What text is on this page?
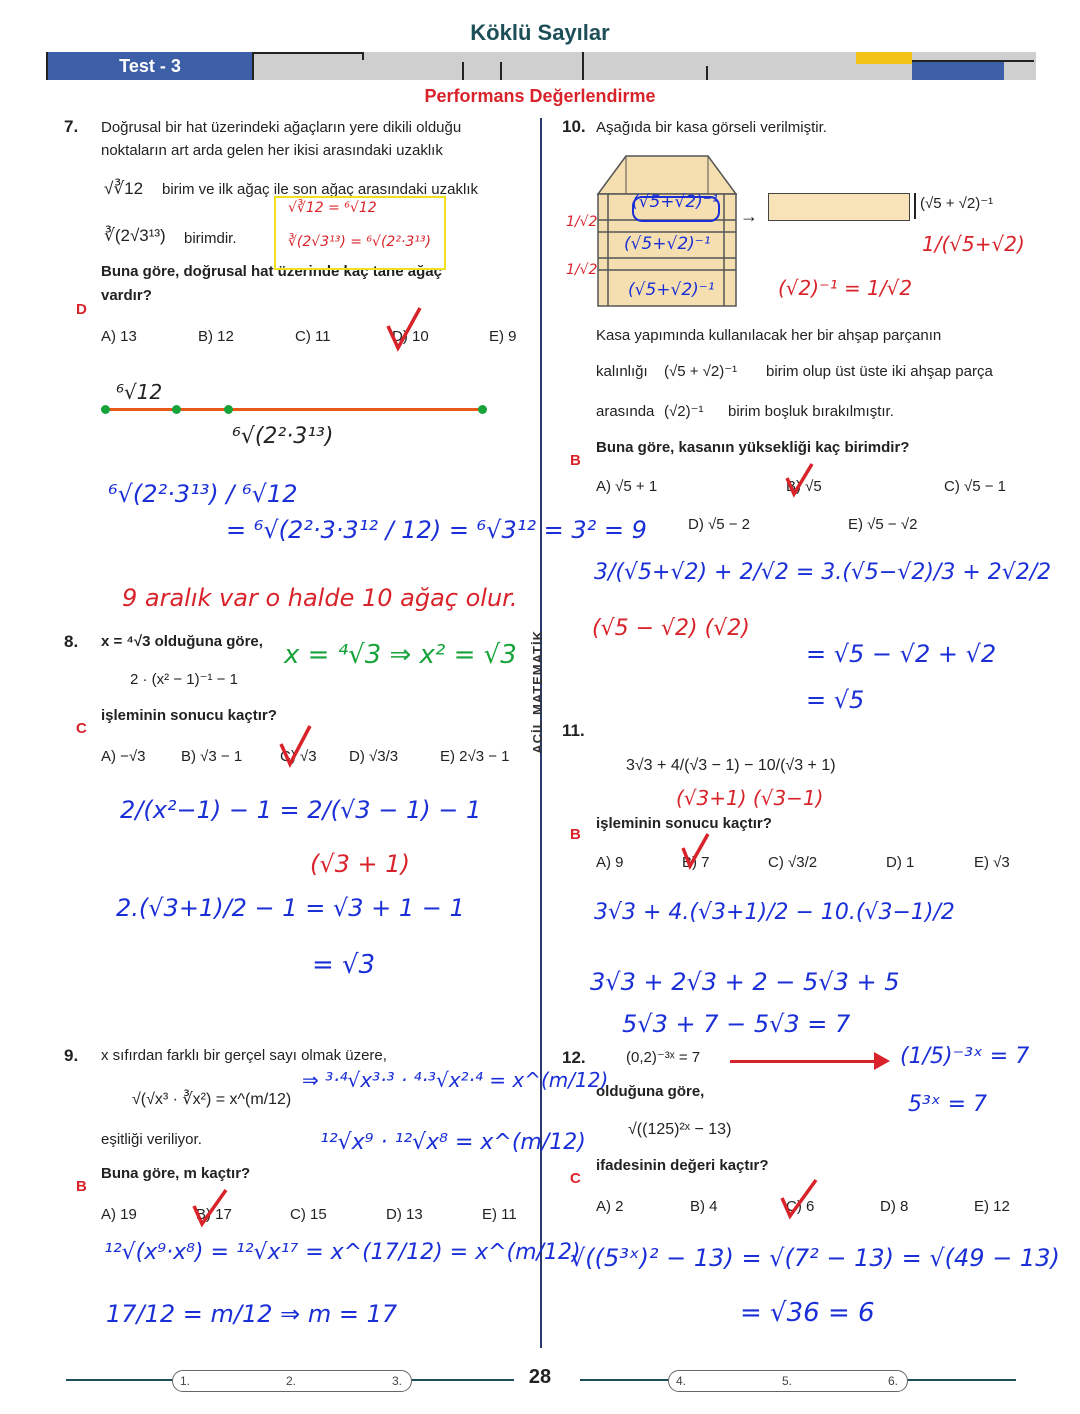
Köklü Sayılar
Test - 3
Performans Değerlendirme
ACİL MATEMATİK
7. Doğrusal bir hat üzerindeki ağaçların yere dikili olduğu
noktaların art arda gelen her ikisi arasındaki uzaklık
√∛12 birim ve ilk ağaç ile son ağaç arasındaki uzaklık
∛(2√3¹³) birimdir.
Buna göre, doğrusal hat üzerinde kaç tane ağaç
vardır?
D
A) 13	B) 12	C) 11	D) 10	E) 9
√∛12 = ⁶√12
∛(2√3¹³) = ⁶√(2²·3¹³)
⁶√12
⁶√(2²·3¹³)
⁶√(2²·3¹³) / ⁶√12
= ⁶√(2²·3·3¹² / 12) = ⁶√3¹² = 3² = 9
9 aralık var o halde 10 ağaç olur.
8. x = ⁴√3 olduğuna göre,
2 · (x² − 1)⁻¹ − 1
işleminin sonucu kaçtır?
C
A) −√3 B) √3 − 1	C) √3 D) √3/3	E) 2√3 − 1
x = ⁴√3 ⇒ x² = √3
2/(x²−1) − 1 = 2/(√3 − 1) − 1
(√3 + 1)
2.(√3+1)/2 − 1 = √3 + 1 − 1
= √3
9. x sıfırdan farklı bir gerçel sayı olmak üzere,
√(√x³ · ∛x²) = x^(m/12)
eşitliği veriliyor.
Buna göre, m kaçtır?
B
A) 19	B) 17	C) 15	D) 13	E) 11
⇒ ³·⁴√x³·³ · ⁴·³√x²·⁴ = x^(m/12)
¹²√x⁹ · ¹²√x⁸ = x^(m/12)
¹²√(x⁹·x⁸) = ¹²√x¹⁷ = x^(17/12) = x^(m/12)
17/12 = m/12 ⇒ m = 17
10. Aşağıda bir kasa görseli verilmiştir.
(√5+√2)⁻¹
(√5+√2)⁻¹
(√5+√2)⁻¹
1/√2
1/√2
→
(√5 + √2)⁻¹
1/(√5+√2)
(√2)⁻¹ = 1/√2
Kasa yapımında kullanılacak her bir ahşap parçanın
kalınlığı (√5 + √2)⁻¹ birim olup üst üste iki ahşap parça
arasında (√2)⁻¹ birim boşluk bırakılmıştır.
Buna göre, kasanın yüksekliği kaç birimdir?
B
A) √5 + 1	B) √5	C) √5 − 1
D) √5 − 2	E) √5 − √2
3/(√5+√2) + 2/√2 = 3.(√5−√2)/3 + 2√2/2
(√5 − √2) (√2)
= √5 − √2 + √2
= √5
11.
3√3 + 4/(√3 − 1) − 10/(√3 + 1)
(√3+1) (√3−1)
işleminin sonucu kaçtır?
B
A) 9	B) 7	C) √3/2	D) 1	E) √3
3√3 + 4.(√3+1)/2 − 10.(√3−1)/2
3√3 + 2√3 + 2 − 5√3 + 5
5√3 + 7 − 5√3 = 7
12.	(0,2)⁻³ˣ = 7	(1/5)⁻³ˣ = 7
5³ˣ = 7
olduğuna göre,
√((125)²ˣ − 13)
ifadesinin değeri kaçtır?
C
A) 2	B) 4	C) 6	D) 8	E) 12
√((5³ˣ)² − 13) = √(7² − 13) = √(49 − 13)
= √36 = 6
1.	2.	3.	4.	5.	6.
28
